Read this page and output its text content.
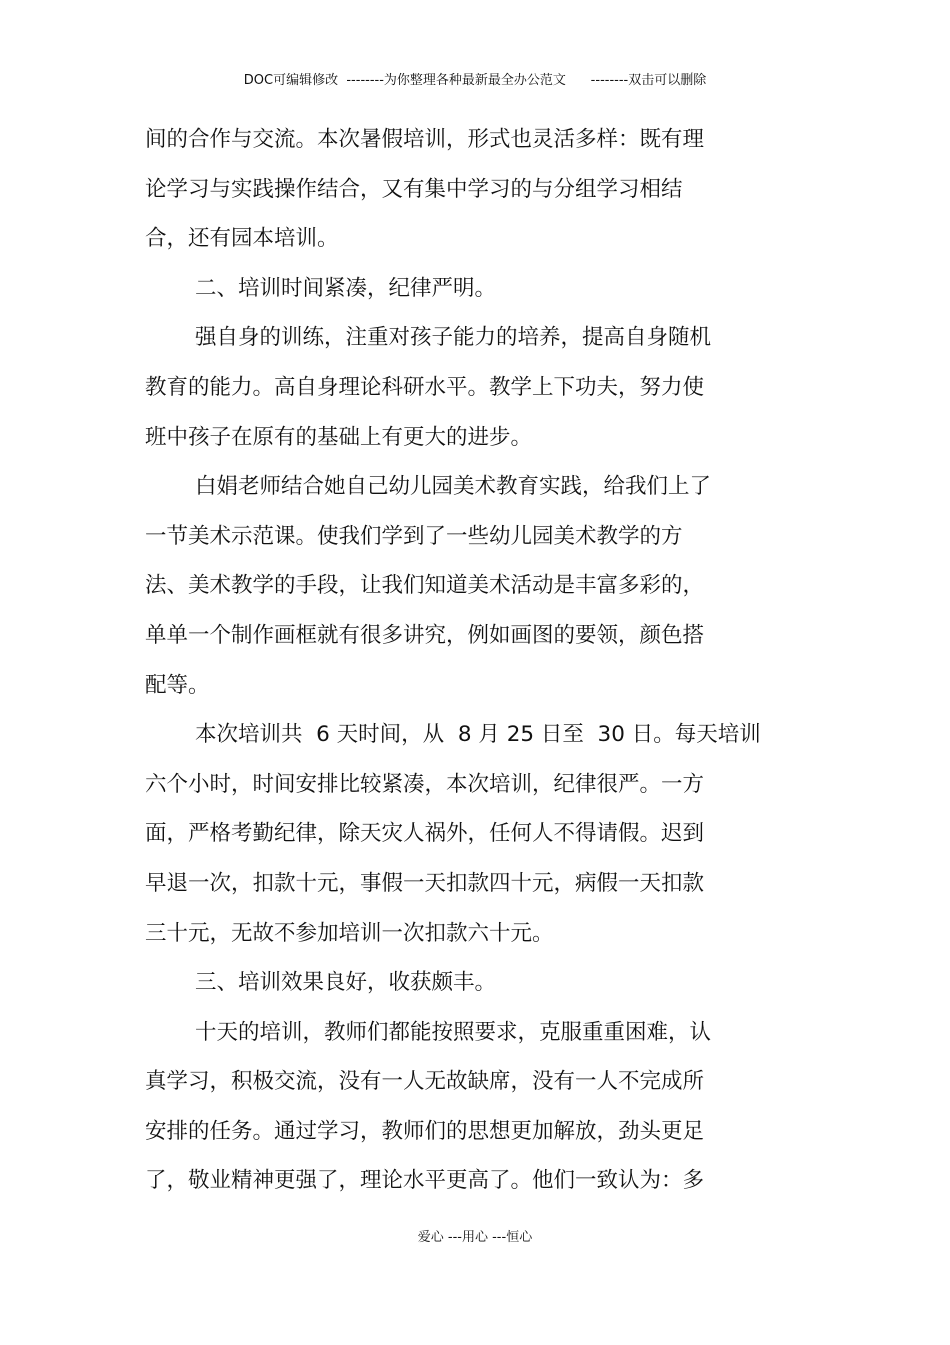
DOC可编辑修改  --------为你整理各种最新最全办公范文      --------双击可以删除
间的合作与交流。本次暑假培训，形式也灵活多样：既有理
论学习与实践操作结合，又有集中学习的与分组学习相结
合，还有园本培训。
二、培训时间紧凑，纪律严明。
强自身的训练，注重对孩子能力的培养，提高自身随机
教育的能力。高自身理论科研水平。教学上下功夫，努力使
班中孩子在原有的基础上有更大的进步。
白娟老师结合她自己幼儿园美术教育实践，给我们上了
一节美术示范课。使我们学到了一些幼儿园美术教学的方
法、美术教学的手段，让我们知道美术活动是丰富多彩的，
单单一个制作画框就有很多讲究，例如画图的要领，颜色搭
配等。
本次培训共  6 天时间，从  8 月 25 日至  30 日。每天培训
六个小时，时间安排比较紧凑，本次培训，纪律很严。一方
面，严格考勤纪律，除天灾人祸外，任何人不得请假。迟到
早退一次，扣款十元，事假一天扣款四十元，病假一天扣款
三十元，无故不参加培训一次扣款六十元。
三、培训效果良好，收获颇丰。
十天的培训，教师们都能按照要求，克服重重困难，认
真学习，积极交流，没有一人无故缺席，没有一人不完成所
安排的任务。通过学习，教师们的思想更加解放，劲头更足
了，敬业精神更强了，理论水平更高了。他们一致认为：多
爱心 ---用心 ---恒心
